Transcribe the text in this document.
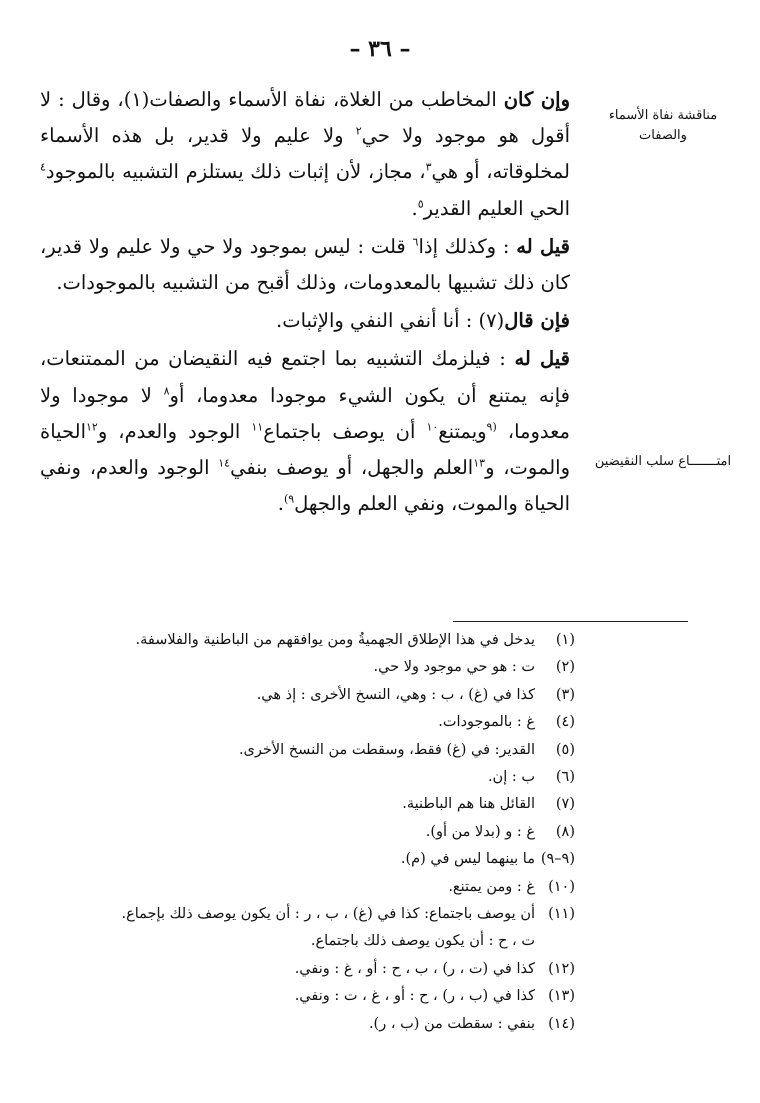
– ٣٦ –
مناقشة نفاة الأسماء والصفات
امتـــــــاع سلب النقيضين

وإن كان المخاطب من الغلاة، نفاة الأسماء والصفات(١)، وقال : لا أقول هو موجود ولا حي$^٢$ ولا عليم ولا قدير، بل هذه الأسماء لمخلوقاته، أو هي$^٣$، مجاز، لأن إثبات ذلك يستلزم التشبيه بالموجود$^٤$ الحي العليم القدير$^٥$.

قيل له : وكذلك إذا$^٦$ قلت : ليس بموجود ولا حي ولا عليم ولا قدير، كان ذلك تشبيها بالمعدومات، وذلك أقبح من التشبيه بالموجودات.

فإن قال(٧) : أنا أنفي النفي والإثبات.

قيل له : فيلزمك التشبيه بما اجتمع فيه النقيضان من الممتنعات، فإنه يمتنع أن يكون الشيء موجودا معدوما، أو$^٨$ لا موجودا ولا معدوما، $^{(٩}$ويمتنع$^{١٠}$ أن يوصف باجتماع$^{١١}$ الوجود والعدم، و$^{١٢}$الحياة والموت، و$^{١٣}$العلم والجهل، أو يوصف بنفي$^{١٤}$ الوجود والعدم، ونفي الحياة والموت، ونفي العلم والجهل$^{٩)}$.

(١)
يدخل في هذا الإطلاق الجهميةُ ومن يوافقهم من الباطنية والفلاسفة.
(٢)
ت : هو حي موجود ولا حي.
(٣)
كذا في (غ) ، ب : وهي، النسخ الأخرى : إذ هي.
(٤)
غ : بالموجودات.
(٥)
القدير: في (غ) فقط، وسقطت من النسخ الأخرى.
(٦)
ب : إن.
(٧)
القائل هنا هم الباطنية.
(٨)
غ : و (بدلا من أو).
(٩–٩)
ما بينهما ليس في (م).
(١٠)
غ : ومن يمتنع.
(١١)
أن يوصف باجتماع: كذا في (غ) ، ب ، ر : أن يكون يوصف ذلك بإجماع.
ت ، ح : أن يكون يوصف ذلك باجتماع.
(١٢)
كذا في (ت ، ر) ، ب ، ح : أو ، غ : ونفي.
(١٣)
كذا في (ب ، ر) ، ح : أو ، غ ، ت : ونفي.
(١٤)
بنفي : سقطت من (ب ، ر).
